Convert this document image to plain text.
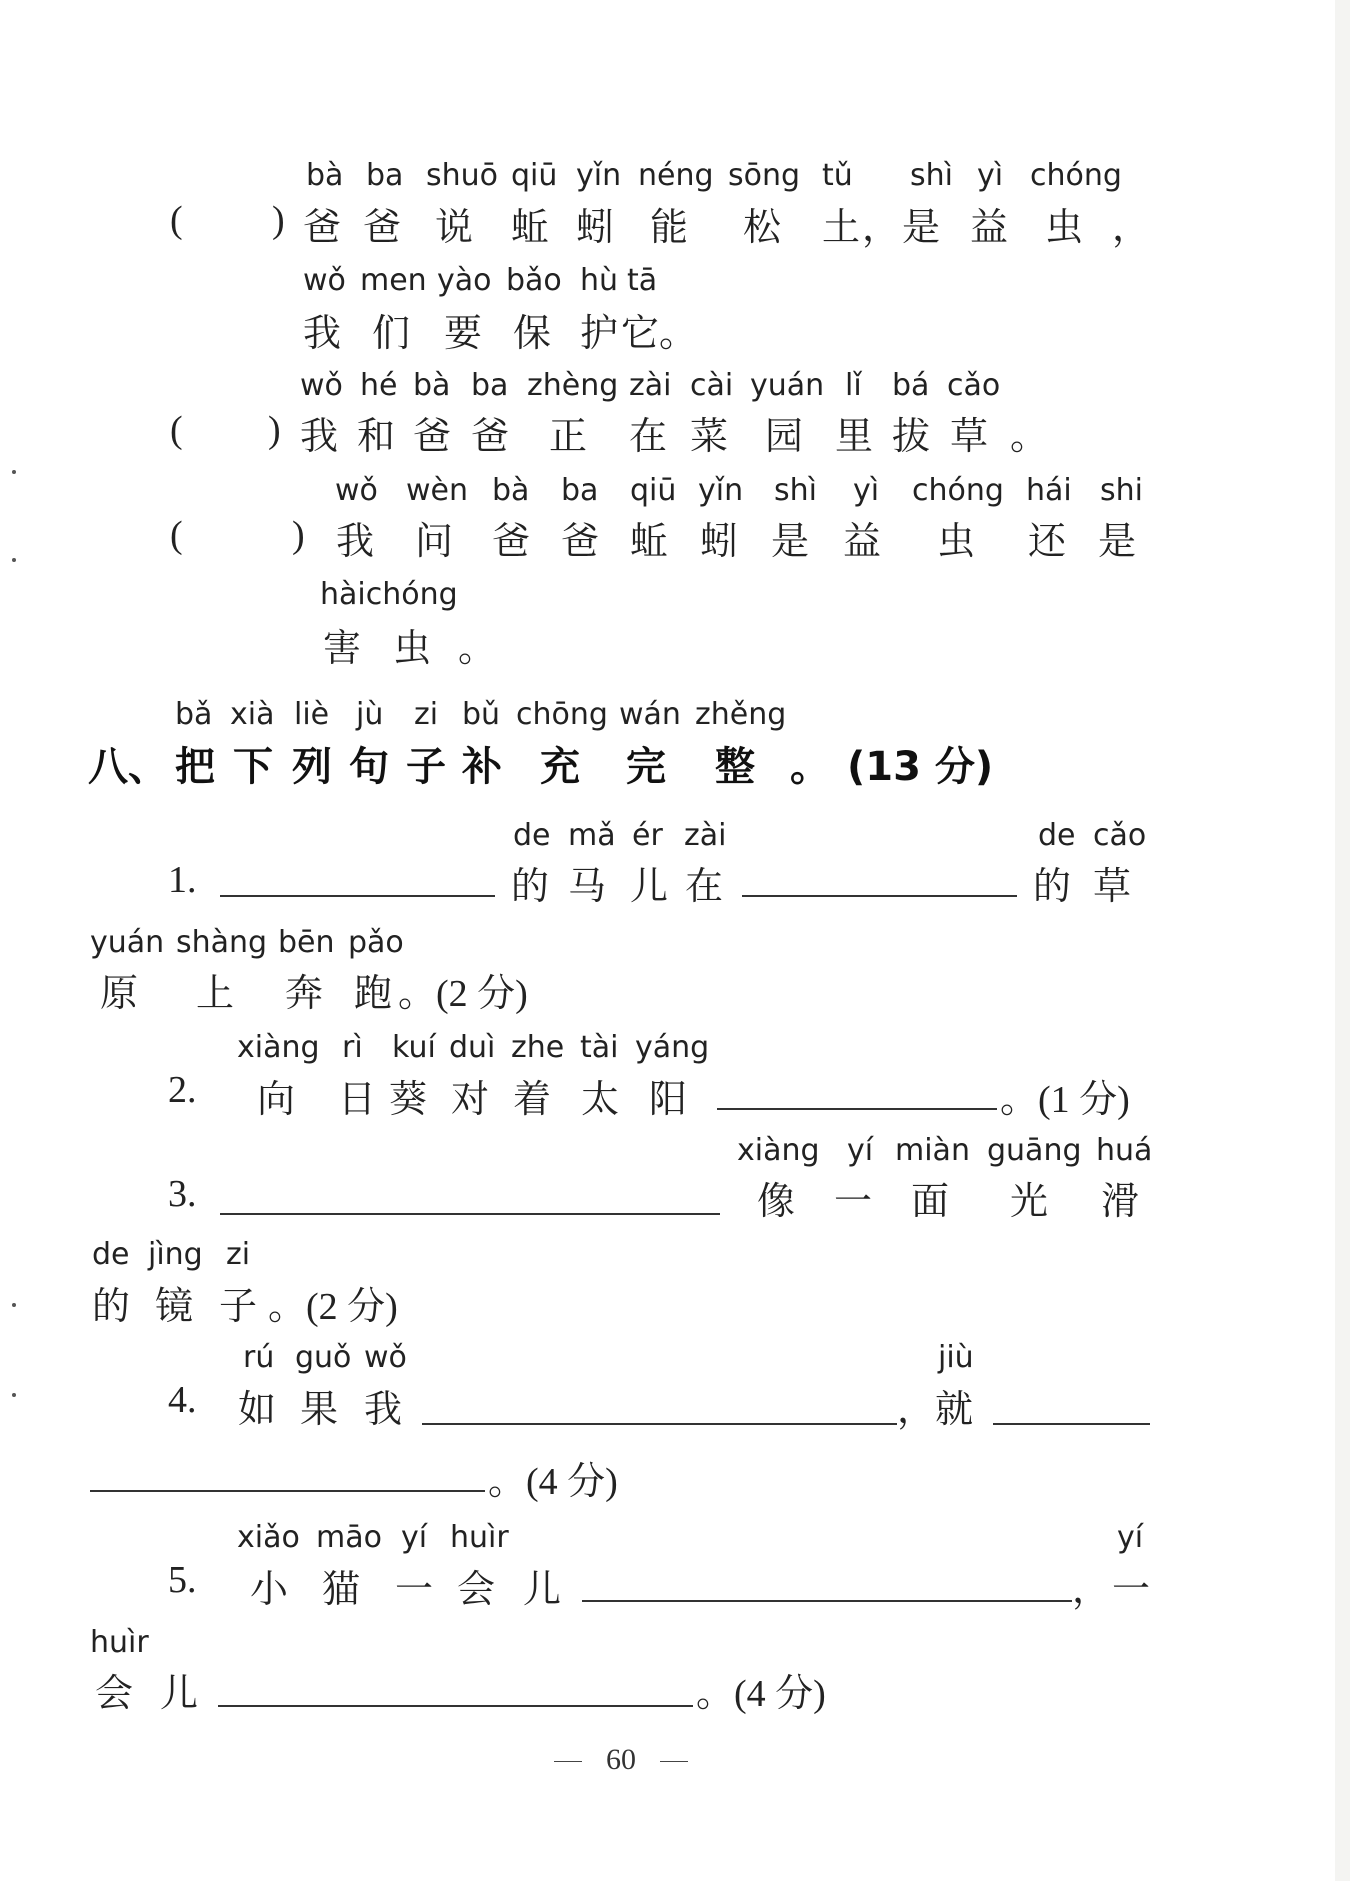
bà ba shuō qiū yǐn néng sōng tǔ shì yì chóng
( ) 爸 爸 说 蚯 蚓 能 松 土 ， 是 益 虫 ，
wǒ men yào bǎo hù tā
我 们 要 保 护 它 。
wǒ hé bà ba zhèng zài cài yuán lǐ bá cǎo
( ) 我 和 爸 爸 正 在 菜 园 里 拔 草 。
wǒ wèn bà ba qiū yǐn shì yì chóng hái shi
(	) 我 问 爸 爸 蚯 蚓 是 益 虫 还 是
hàichóng
害 虫 。
bǎ xià liè jù zi bǔ chōng wán zhěng
八、 把 下 列 句 子 补 充 完 整 。 (13 分)
de mǎ ér zài	de cǎo
1.	的 马 儿 在	的 草
yuán shàng bēn pǎo
原 上 奔 跑 。(2 分)
xiàng rì kuí duì zhe tài yáng
2. 向 日 葵 对 着 太 阳	。(1 分)
xiàng yí miàn guāng huá
3.	像 一 面 光 滑
de jìng zi
的 镜 子 。(2 分)
rú guǒ wǒ	jiù
4. 如 果 我	， 就
。(4 分)
xiǎo māo yí huìr	yí
5. 小 猫 一 会 儿	， 一
huìr
会 儿	。(4 分)
60
